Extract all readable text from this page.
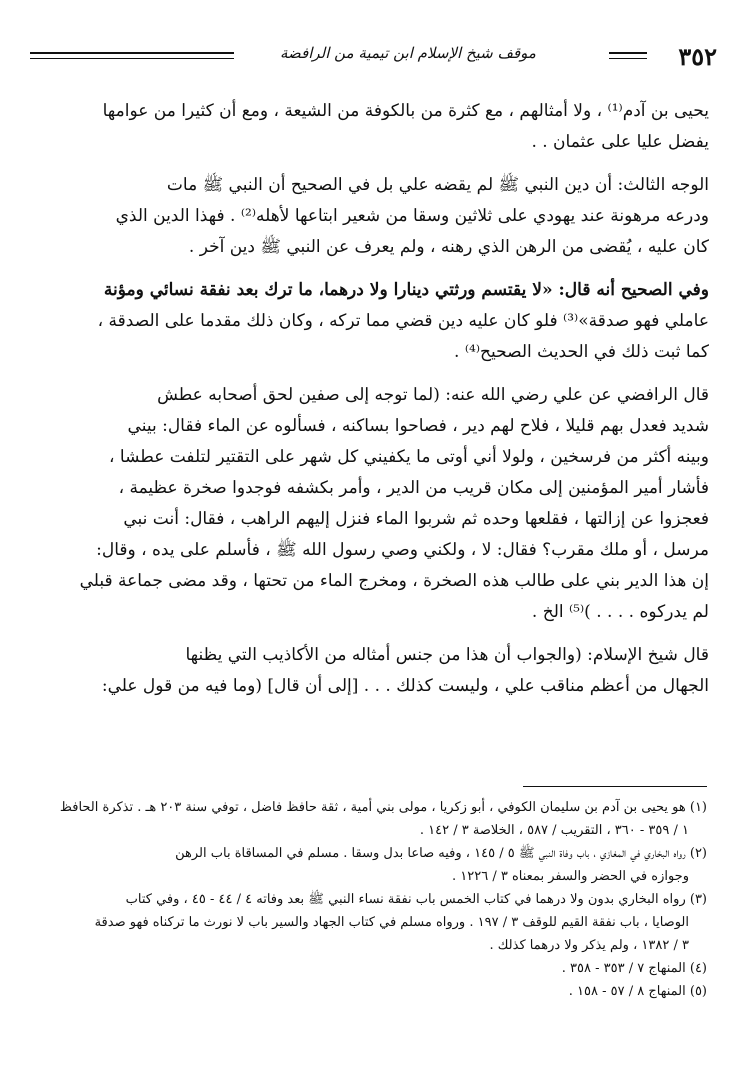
موقف شيخ الإسلام ابن تيمية من الرافضة	٣٥٢

يحيى بن آدم⁽¹⁾ ، ولا أمثالهم ، مع كثرة من بالكوفة من الشيعة ، ومع أن كثيرا من عوامها
يفضل عليا على عثمان . .

الوجه الثالث: أن دين النبي ﷺ لم يقضه علي بل في الصحيح أن النبي ﷺ مات
ودرعه مرهونة عند يهودي على ثلاثين وسقا من شعير ابتاعها لأهله⁽²⁾ . فهذا الدين الذي
كان عليه ، يُقضى من الرهن الذي رهنه ، ولم يعرف عن النبي ﷺ دين آخر .

وفي الصحيح أنه قال: «لا يقتسم ورثتي دينارا ولا درهما، ما ترك بعد نفقة نسائي ومؤنة
عاملي فهو صدقة»⁽³⁾ فلو كان عليه دين قضي مما تركه ، وكان ذلك مقدما على الصدقة ،
كما ثبت ذلك في الحديث الصحيح⁽⁴⁾ .

قال الرافضي عن علي رضي الله عنه: (لما توجه إلى صفين لحق أصحابه عطش
شديد فعدل بهم قليلا ، فلاح لهم دير ، فصاحوا بساكنه ، فسألوه عن الماء فقال: بيني
وبينه أكثر من فرسخين ، ولولا أني أوتى ما يكفيني كل شهر على التقتير لتلفت عطشا ،
فأشار أمير المؤمنين إلى مكان قريب من الدير ، وأمر بكشفه فوجدوا صخرة عظيمة ،
فعجزوا عن إزالتها ، فقلعها وحده ثم شربوا الماء فنزل إليهم الراهب ، فقال: أنت نبي
مرسل ، أو ملك مقرب؟ فقال: لا ، ولكني وصي رسول الله ﷺ ، فأسلم على يده ، وقال:
إن هذا الدير بني على طالب هذه الصخرة ، ومخرج الماء من تحتها ، وقد مضى جماعة قبلي
لم يدركوه . . . . )⁽⁵⁾ الخ .

قال شيخ الإسلام: (والجواب أن هذا من جنس أمثاله من الأكاذيب التي يظنها
الجهال من أعظم مناقب علي ، وليست كذلك . . . [إلى أن قال] (وما فيه من قول علي:

(١) هو يحيى بن آدم بن سليمان الكوفي ، أبو زكريا ، مولى بني أمية ، ثقة حافظ فاضل ، توفي سنة ٢٠٣ هـ . تذكرة الحافظ
١ / ٣٥٩ - ٣٦٠ ، التقريب / ٥٨٧ ، الخلاصة ٣ / ١٤٢ .
(٢) رواه البخاري في المغازي ، باب وفاة النبي ﷺ ٥ / ١٤٥ ، وفيه صاعا بدل وسقا . مسلم في المساقاة باب الرهن
وجوازه في الحضر والسفر بمعناه ٣ / ١٢٢٦ .
(٣) رواه البخاري بدون ولا درهما في كتاب الخمس باب نفقة نساء النبي ﷺ بعد وفاته ٤ / ٤٤ - ٤٥ ، وفي كتاب
الوصايا ، باب نفقة القيم للوقف ٣ / ١٩٧ . ورواه مسلم في كتاب الجهاد والسير باب لا نورث ما تركناه فهو صدقة
٣ / ١٣٨٢ ، ولم يذكر ولا درهما كذلك .
(٤) المنهاج ٧ / ٣٥٣ - ٣٥٨ .
(٥) المنهاج ٨ / ٥٧ - ١٥٨ .
